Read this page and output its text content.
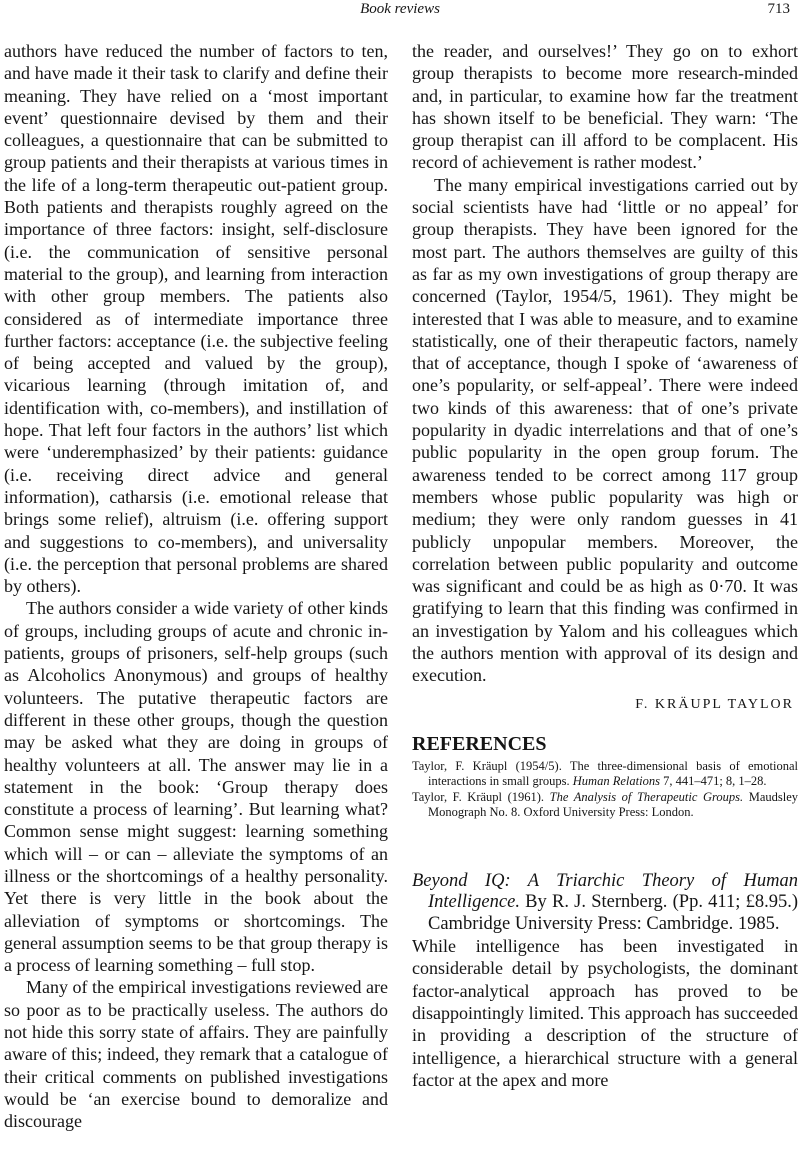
Book reviews	713

authors have reduced the number of factors to ten, and have made it their task to clarify and define their meaning. They have relied on a ‘most important event’ questionnaire devised by them and their colleagues, a questionnaire that can be submitted to group patients and their therapists at various times in the life of a long-term therapeutic out-patient group. Both patients and therapists roughly agreed on the importance of three factors: insight, self-disclosure (i.e. the communication of sensitive personal material to the group), and learning from interaction with other group members. The patients also considered as of intermediate importance three further factors: acceptance (i.e. the subjective feeling of being accepted and valued by the group), vicarious learning (through imitation of, and identification with, co-members), and instillation of hope. That left four factors in the authors’ list which were ‘underemphasized’ by their patients: guidance (i.e. receiving direct advice and general information), catharsis (i.e. emotional release that brings some relief), altruism (i.e. offering support and suggestions to co-members), and universality (i.e. the perception that personal problems are shared by others).

The authors consider a wide variety of other kinds of groups, including groups of acute and chronic in-patients, groups of prisoners, self-help groups (such as Alcoholics Anonymous) and groups of healthy volunteers. The putative therapeutic factors are different in these other groups, though the question may be asked what they are doing in groups of healthy volunteers at all. The answer may lie in a statement in the book: ‘Group therapy does constitute a process of learning’. But learning what? Common sense might suggest: learning something which will – or can – alleviate the symptoms of an illness or the shortcomings of a healthy personality. Yet there is very little in the book about the alleviation of symptoms or shortcomings. The general assumption seems to be that group therapy is a process of learning something – full stop.

Many of the empirical investigations reviewed are so poor as to be practically useless. The authors do not hide this sorry state of affairs. They are painfully aware of this; indeed, they remark that a catalogue of their critical comments on published investigations would be ‘an exercise bound to demoralize and discourage

the reader, and ourselves!’ They go on to exhort group therapists to become more research-minded and, in particular, to examine how far the treatment has shown itself to be beneficial. They warn: ‘The group therapist can ill afford to be complacent. His record of achievement is rather modest.’

The many empirical investigations carried out by social scientists have had ‘little or no appeal’ for group therapists. They have been ignored for the most part. The authors themselves are guilty of this as far as my own investigations of group therapy are concerned (Taylor, 1954/5, 1961). They might be interested that I was able to measure, and to examine statistically, one of their therapeutic factors, namely that of acceptance, though I spoke of ‘awareness of one’s popularity, or self-appeal’. There were indeed two kinds of this awareness: that of one’s private popularity in dyadic interrelations and that of one’s public popularity in the open group forum. The awareness tended to be correct among 117 group members whose public popularity was high or medium; they were only random guesses in 41 publicly unpopular members. Moreover, the correlation between public popularity and outcome was significant and could be as high as 0·70. It was gratifying to learn that this finding was confirmed in an investigation by Yalom and his colleagues which the authors mention with approval of its design and execution.

F. KRÄUPL TAYLOR
REFERENCES
Taylor, F. Kräupl (1954/5). The three-dimensional basis of emotional interactions in small groups. Human Relations 7, 441–471; 8, 1–28.
Taylor, F. Kräupl (1961). The Analysis of Therapeutic Groups. Maudsley Monograph No. 8. Oxford University Press: London.
Beyond IQ: A Triarchic Theory of Human Intelligence. By R. J. Sternberg. (Pp. 411; £8.95.) Cambridge University Press: Cambridge. 1985.

While intelligence has been investigated in considerable detail by psychologists, the dominant factor-analytical approach has proved to be disappointingly limited. This approach has succeeded in providing a description of the structure of intelligence, a hierarchical structure with a general factor at the apex and more
